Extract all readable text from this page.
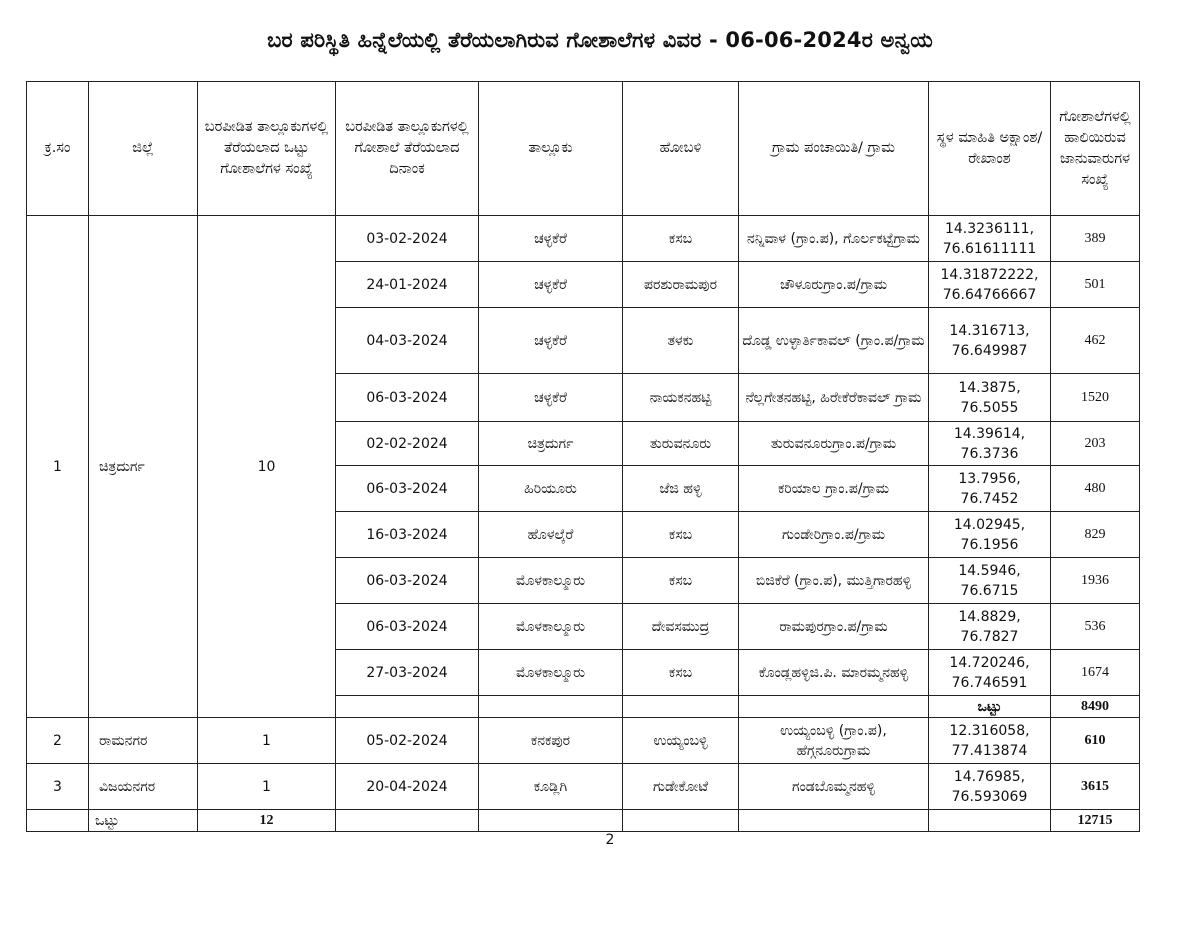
ಬರ ಪರಿಸ್ಥಿತಿ ಹಿನ್ನೆಲೆಯಲ್ಲಿ ತೆರೆಯಲಾಗಿರುವ ಗೋಶಾಲೆಗಳ ವಿವರ - 06-06-2024ರ ಅನ್ವಯ
ಕ್ರ.ಸಂ	ಜಿಲ್ಲೆ	ಬರಪೀಡಿತ ತಾಲ್ಲೂಕುಗಳಲ್ಲಿ ತೆರೆಯಲಾದ ಒಟ್ಟು ಗೋಶಾಲೆಗಳ ಸಂಖ್ಯೆ	ಬರಪೀಡಿತ ತಾಲ್ಲೂಕುಗಳಲ್ಲಿ ಗೋಶಾಲೆ ತೆರೆಯಲಾದ ದಿನಾಂಕ	ತಾಲ್ಲೂಕು	ಹೋಬಳಿ	ಗ್ರಾಮ ಪಂಚಾಯಿತಿ/ ಗ್ರಾಮ	ಸ್ಥಳ ಮಾಹಿತಿ ಅಕ್ಷಾಂಶ/ ರೇಖಾಂಶ	ಗೋಶಾಲೆಗಳಲ್ಲಿ ಹಾಲಿಯಿರುವ ಜಾನುವಾರುಗಳ ಸಂಖ್ಯೆ
1	ಚಿತ್ರದುರ್ಗ	10	03-02-2024	ಚಳ್ಳಕೆರೆ	ಕಸಬ	ನನ್ನಿವಾಳ (ಗ್ರಾಂ.ಪ), ಗೊರ್ಲಕಟ್ಟೆಗ್ರಾಮ	14.3236111, 76.61611111	389
			24-01-2024	ಚಳ್ಳಕೆರೆ	ಪರಶುರಾಮಪುರ	ಚೌಳೂರುಗ್ರಾಂ.ಪ/ಗ್ರಾಮ	14.31872222, 76.64766667	501
			04-03-2024	ಚಳ್ಳಕೆರೆ	ತಳಕು	ದೊಡ್ಡ ಉಳ್ಳಾರ್ತಿಕಾವಲ್ (ಗ್ರಾಂ.ಪ/ಗ್ರಾಮ	14.316713, 76.649987	462
			06-03-2024	ಚಳ್ಳಕೆರೆ	ನಾಯಕನಹಟ್ಟಿ	ನೆಲ್ಲಗೇತನಹಟ್ಟಿ, ಹಿರೇಕೆರೆಕಾವಲ್ ಗ್ರಾಮ	14.3875, 76.5055	1520
			02-02-2024	ಚಿತ್ರದುರ್ಗ	ತುರುವನೂರು	ತುರುವನೂರುಗ್ರಾಂ.ಪ/ಗ್ರಾಮ	14.39614, 76.3736	203
			06-03-2024	ಹಿರಿಯೂರು	ಜೆಜಿ ಹಳ್ಳಿ	ಕರಿಯಾಲ ಗ್ರಾಂ.ಪ/ಗ್ರಾಮ	13.7956, 76.7452	480
			16-03-2024	ಹೊಳಲ್ಕೆರೆ	ಕಸಬ	ಗುಂಡೇರಿಗ್ರಾಂ.ಪ/ಗ್ರಾಮ	14.02945, 76.1956	829
			06-03-2024	ಮೊಳಕಾಲ್ಮೂರು	ಕಸಬ	ಬಿಜಿಕೆರೆ (ಗ್ರಾಂ.ಪ), ಮುತ್ತಿಗಾರಹಳ್ಳಿ	14.5946, 76.6715	1936
			06-03-2024	ಮೊಳಕಾಲ್ಮೂರು	ದೇವಸಮುದ್ರ	ರಾಮಪುರಗ್ರಾಂ.ಪ/ಗ್ರಾಮ	14.8829, 76.7827	536
			27-03-2024	ಮೊಳಕಾಲ್ಮೂರು	ಕಸಬ	ಕೊಂಡ್ಲಹಳ್ಳಿಜಿ.ಪಿ. ಮಾರಮ್ಮನಹಳ್ಳಿ	14.720246, 76.746591	1674
							ಒಟ್ಟು	8490
2	ರಾಮನಗರ	1	05-02-2024	ಕನಕಪುರ	ಉಯ್ಯಂಬಳ್ಳಿ	ಉಯ್ಯಂಬಳ್ಳಿ (ಗ್ರಾಂ.ಪ), ಹೆಗ್ಗನೂರುಗ್ರಾಮ	12.316058, 77.413874	610
3	ವಿಜಯನಗರ	1	20-04-2024	ಕೂಡ್ಲಿಗಿ	ಗುಡೇಕೋಟೆ	ಗಂಡಬೊಮ್ಮನಹಳ್ಳಿ	14.76985, 76.593069	3615
	ಒಟ್ಟು	12						12715
2
